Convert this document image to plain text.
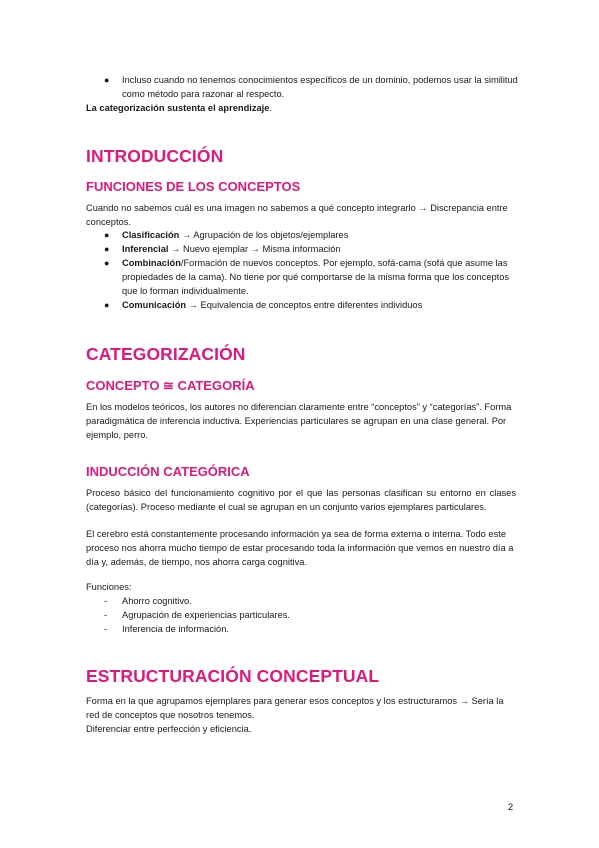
● Incluso cuando no tenemos conocimientos específicos de un dominio, podemos usar la similitud como método para razonar al respecto.

La categorización sustenta el aprendizaje.

INTRODUCCIÓN
FUNCIONES DE LOS CONCEPTOS

Cuando no sabemos cuál es una imagen no sabemos a qué concepto integrarlo → Discrepancia entre conceptos.

● Clasificación → Agrupación de los objetos/ejemplares
● Inferencial → Nuevo ejemplar → Misma información
● Combinación/Formación de nuevos conceptos. Por ejemplo, sofá-cama (sofá que asume las propiedades de la cama). No tiene por qué comportarse de la misma forma que los conceptos que lo forman individualmente.
● Comunicación → Equivalencia de conceptos entre diferentes individuos
CATEGORIZACIÓN
CONCEPTO ≅ CATEGORÍA

En los modelos teóricos, los autores no diferencian claramente entre “conceptos” y “categorías”. Forma paradigmática de inferencia inductiva. Experiencias particulares se agrupan en una clase general. Por ejemplo, perro.

INDUCCIÓN CATEGÓRICA

Proceso básico del funcionamiento cognitivo por el que las personas clasifican su entorno en clases (categorías). Proceso mediante el cual se agrupan en un conjunto varios ejemplares particulares.

El cerebro está constantemente procesando información ya sea de forma externa o interna. Todo este proceso nos ahorra mucho tiempo de estar procesando toda la información que vemos en nuestro día a día y, además, de tiempo, nos ahorra carga cognitiva.

Funciones:

- Ahorro cognitivo.
- Agrupación de experiencias particulares.
- Inferencia de información.
ESTRUCTURACIÓN CONCEPTUAL

Forma en la que agrupamos ejemplares para generar esos conceptos y los estructuramos → Sería la red de conceptos que nosotros tenemos.

Diferenciar entre perfección y eficiencia.

2
